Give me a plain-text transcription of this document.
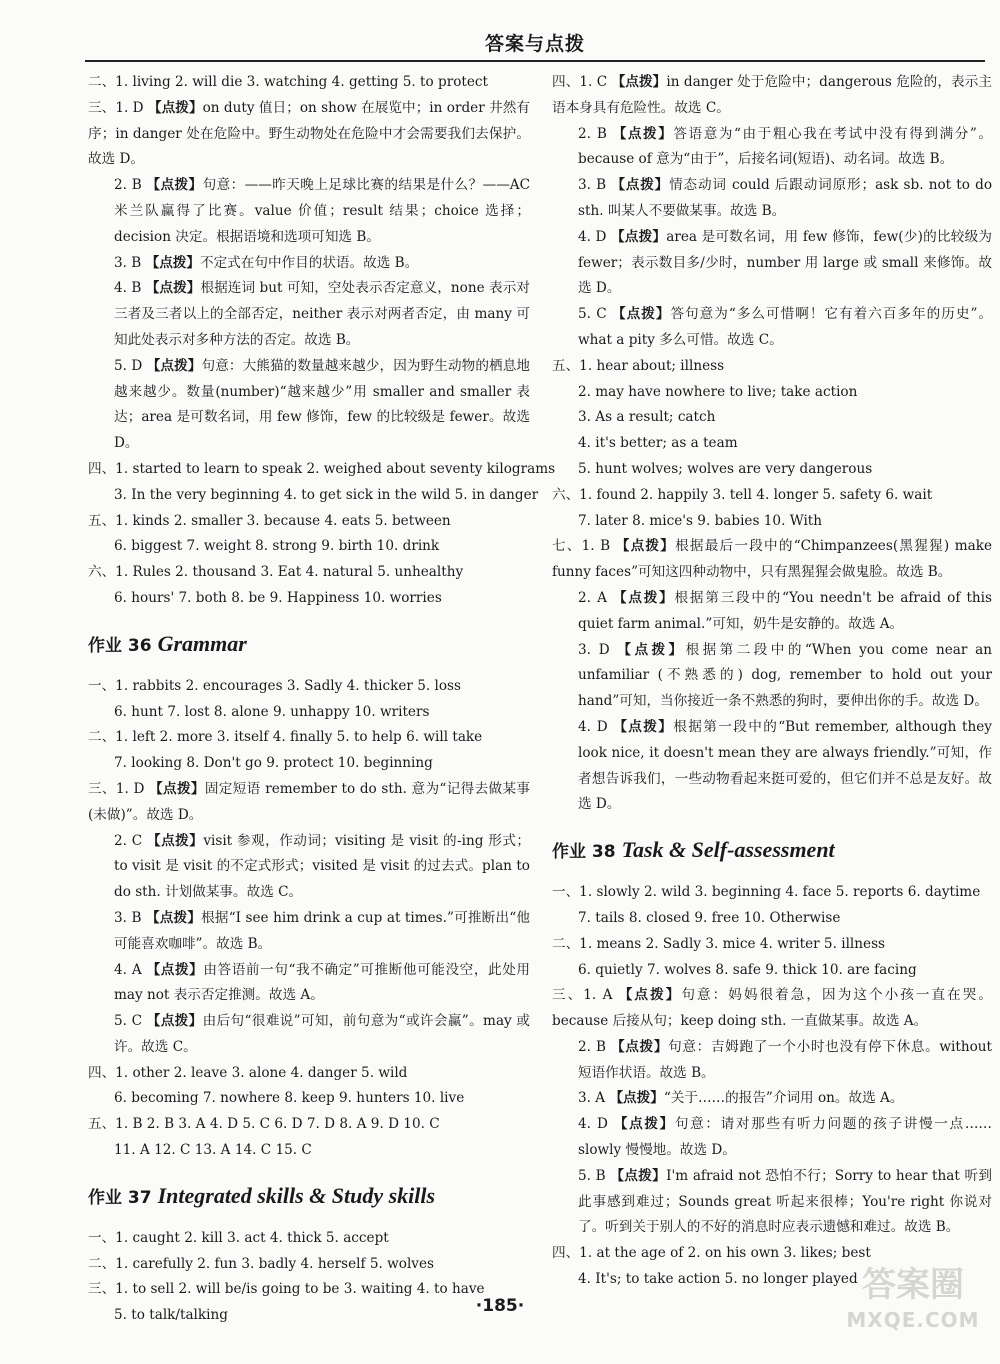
答案与点拨

二、1. living 2. will die 3. watching 4. getting 5. to protect

三、1. D 【点拨】on duty 值日；on show 在展览中；in order 井然有序；in danger 处在危险中。野生动物处在危险中才会需要我们去保护。故选 D。

2. B 【点拨】句意：——昨天晚上足球比赛的结果是什么？——AC 米兰队赢得了比赛。value 价值；result 结果；choice 选择；decision 决定。根据语境和选项可知选 B。

3. B 【点拨】不定式在句中作目的状语。故选 B。

4. B 【点拨】根据连词 but 可知，空处表示否定意义，none 表示对三者及三者以上的全部否定，neither 表示对两者否定，由 many 可知此处表示对多种方法的否定。故选 B。

5. D 【点拨】句意：大熊猫的数量越来越少，因为野生动物的栖息地越来越少。数量(number)“越来越少”用 smaller and smaller 表达；area 是可数名词，用 few 修饰，few 的比较级是 fewer。故选 D。

四、1. started to learn to speak 2. weighed about seventy kilograms

3. In the very beginning 4. to get sick in the wild 5. in danger

五、1. kinds 2. smaller 3. because 4. eats 5. between

6. biggest 7. weight 8. strong 9. birth 10. drink

六、1. Rules 2. thousand 3. Eat 4. natural 5. unhealthy

6. hours' 7. both 8. be 9. Happiness 10. worries

作业 36 Grammar

一、1. rabbits 2. encourages 3. Sadly 4. thicker 5. loss

6. hunt 7. lost 8. alone 9. unhappy 10. writers

二、1. left 2. more 3. itself 4. finally 5. to help 6. will take

7. looking 8. Don't go 9. protect 10. beginning

三、1. D 【点拨】固定短语 remember to do sth. 意为“记得去做某事(未做)”。故选 D。

2. C 【点拨】visit 参观，作动词；visiting 是 visit 的-ing 形式；to visit 是 visit 的不定式形式；visited 是 visit 的过去式。plan to do sth. 计划做某事。故选 C。

3. B 【点拨】根据“I see him drink a cup at times.”可推断出“他可能喜欢咖啡”。故选 B。

4. A 【点拨】由答语前一句“我不确定”可推断他可能没空，此处用 may not 表示否定推测。故选 A。

5. C 【点拨】由后句“很难说”可知，前句意为“或许会赢”。may 或许。故选 C。

四、1. other 2. leave 3. alone 4. danger 5. wild

6. becoming 7. nowhere 8. keep 9. hunters 10. live

五、1. B 2. B 3. A 4. D 5. C 6. D 7. D 8. A 9. D 10. C

11. A 12. C 13. A 14. C 15. C

作业 37 Integrated skills & Study skills

一、1. caught 2. kill 3. act 4. thick 5. accept

二、1. carefully 2. fun 3. badly 4. herself 5. wolves

三、1. to sell 2. will be/is going to be 3. waiting 4. to have

5. to talk/talking

四、1. C 【点拨】in danger 处于危险中；dangerous 危险的，表示主语本身具有危险性。故选 C。

2. B 【点拨】答语意为“由于粗心我在考试中没有得到满分”。because of 意为“由于”，后接名词(短语)、动名词。故选 B。

3. B 【点拨】情态动词 could 后跟动词原形；ask sb. not to do sth. 叫某人不要做某事。故选 B。

4. D 【点拨】area 是可数名词，用 few 修饰，few(少)的比较级为 fewer；表示数目多/少时，number 用 large 或 small 来修饰。故选 D。

5. C 【点拨】答句意为“多么可惜啊！它有着六百多年的历史”。what a pity 多么可惜。故选 C。

五、1. hear about; illness

2. may have nowhere to live; take action

3. As a result; catch

4. it's better; as a team

5. hunt wolves; wolves are very dangerous

六、1. found 2. happily 3. tell 4. longer 5. safety 6. wait

7. later 8. mice's 9. babies 10. With

七、1. B 【点拨】根据最后一段中的“Chimpanzees(黑猩猩) make funny faces”可知这四种动物中，只有黑猩猩会做鬼脸。故选 B。

2. A 【点拨】根据第三段中的“You needn't be afraid of this quiet farm animal.”可知，奶牛是安静的。故选 A。

3. D 【点拨】根据第二段中的“When you come near an unfamiliar (不熟悉的) dog, remember to hold out your hand”可知，当你接近一条不熟悉的狗时，要伸出你的手。故选 D。

4. D 【点拨】根据第一段中的“But remember, although they look nice, it doesn't mean they are always friendly.”可知，作者想告诉我们，一些动物看起来挺可爱的，但它们并不总是友好。故选 D。

作业 38 Task & Self-assessment

一、1. slowly 2. wild 3. beginning 4. face 5. reports 6. daytime

7. tails 8. closed 9. free 10. Otherwise

二、1. means 2. Sadly 3. mice 4. writer 5. illness

6. quietly 7. wolves 8. safe 9. thick 10. are facing

三、1. A 【点拨】句意：妈妈很着急，因为这个小孩一直在哭。because 后接从句；keep doing sth. 一直做某事。故选 A。

2. B 【点拨】句意：吉姆跑了一个小时也没有停下休息。without 短语作状语。故选 B。

3. A 【点拨】“关于……的报告”介词用 on。故选 A。

4. D 【点拨】句意：请对那些有听力问题的孩子讲慢一点……slowly 慢慢地。故选 D。

5. B 【点拨】I'm afraid not 恐怕不行；Sorry to hear that 听到此事感到难过；Sounds great 听起来很棒；You're right 你说对了。听到关于别人的不好的消息时应表示遗憾和难过。故选 B。

四、1. at the age of 2. on his own 3. likes; best

4. It's; to take action 5. no longer played

·185·
答案圈
MXQE.COM
